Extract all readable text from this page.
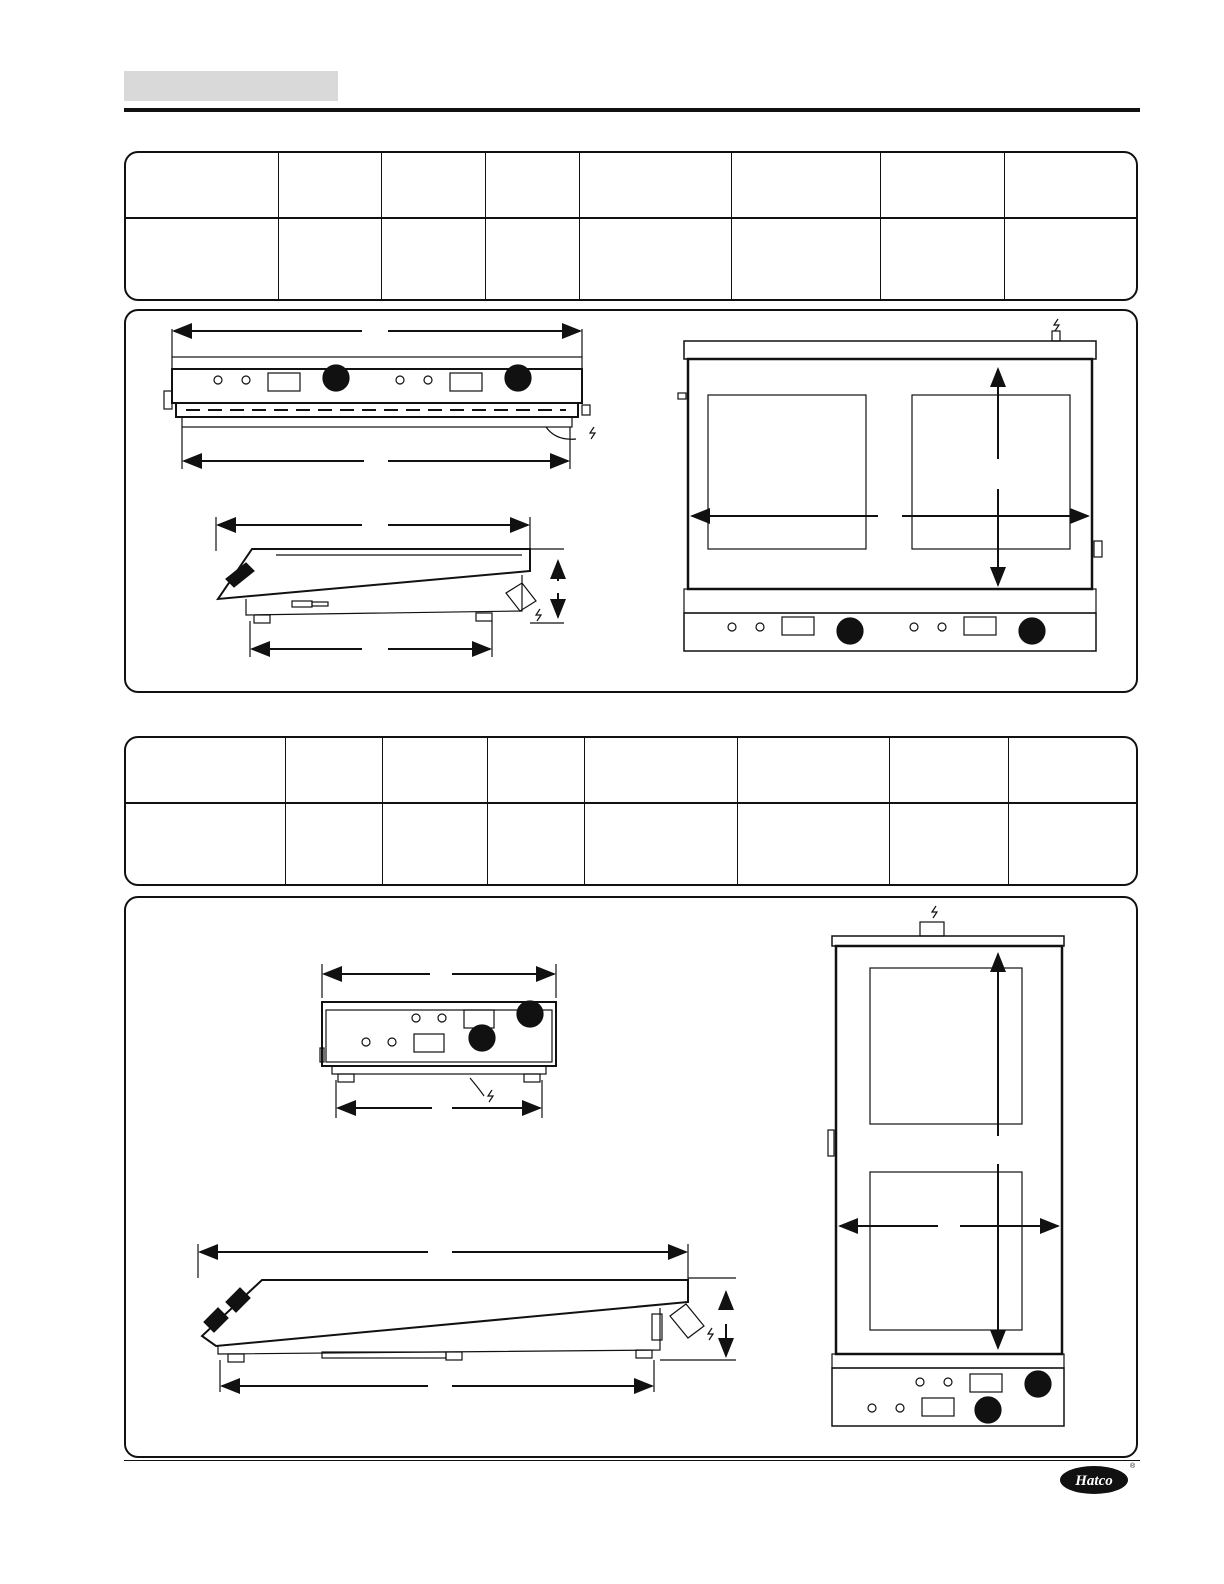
Hatco
®
